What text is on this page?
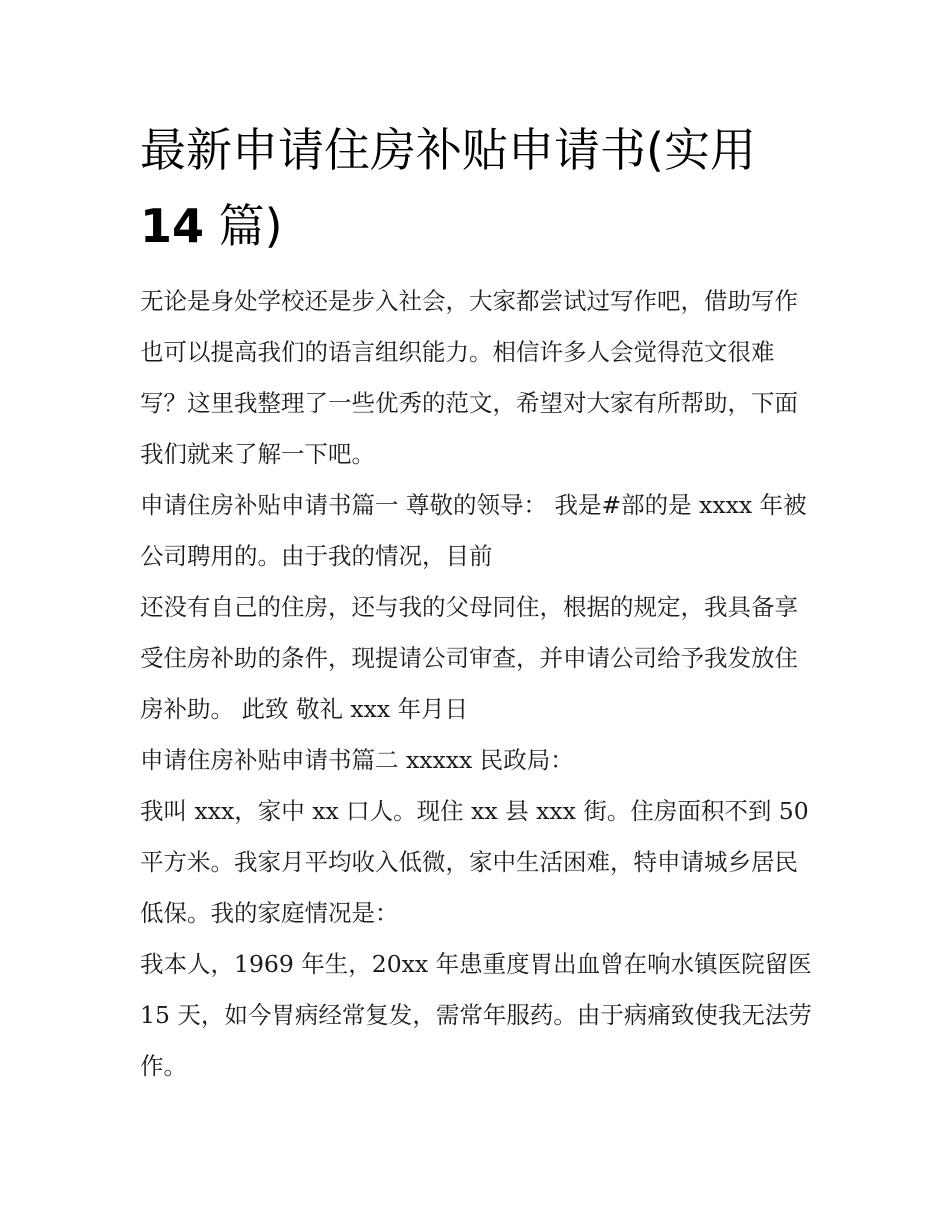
最新申请住房补贴申请书(实用
14 篇)

无论是身处学校还是步入社会，大家都尝试过写作吧，借助写作也可以提高我们的语言组织能力。相信许多人会觉得范文很难写？这里我整理了一些优秀的范文，希望对大家有所帮助，下面我们就来了解一下吧。

申请住房补贴申请书篇一 尊敬的领导： 我是#部的是 xxxx 年被公司聘用的。由于我的情况，目前

还没有自己的住房，还与我的父母同住，根据的规定，我具备享受住房补助的条件，现提请公司审查，并申请公司给予我发放住房补助。 此致 敬礼 xxx 年月日

申请住房补贴申请书篇二 xxxxx 民政局：

我叫 xxx，家中 xx 口人。现住 xx 县 xxx 街。住房面积不到 50 平方米。我家月平均收入低微，家中生活困难，特申请城乡居民低保。我的家庭情况是：

我本人，1969 年生，20xx 年患重度胃出血曾在响水镇医院留医 15 天，如今胃病经常复发，需常年服药。由于病痛致使我无法劳作。
